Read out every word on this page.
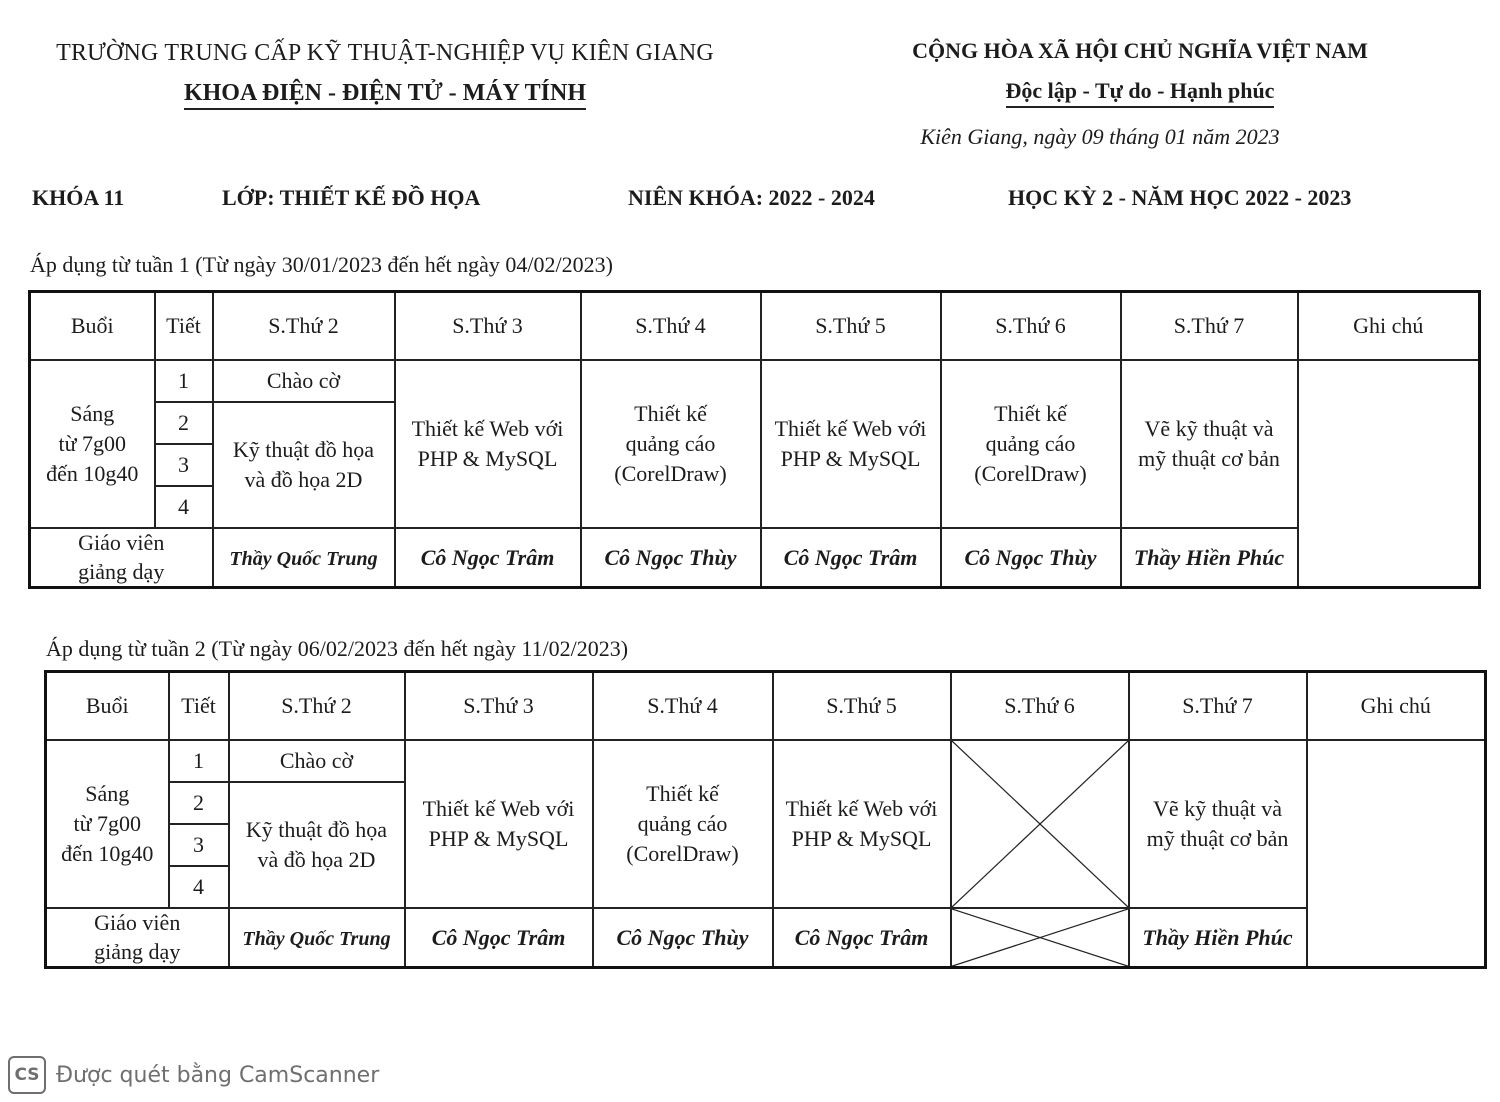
TRƯỜNG TRUNG CẤP KỸ THUẬT-NGHIỆP VỤ KIÊN GIANG
KHOA ĐIỆN - ĐIỆN TỬ - MÁY TÍNH
CỘNG HÒA XÃ HỘI CHỦ NGHĨA VIỆT NAM
Độc lập - Tự do - Hạnh phúc
Kiên Giang, ngày 09 tháng 01 năm 2023
KHÓA 11	LỚP: THIẾT KẾ ĐỒ HỌA	NIÊN KHÓA: 2022 - 2024	HỌC KỲ 2 - NĂM HỌC 2022 - 2023
Áp dụng từ tuần 1 (Từ ngày 30/01/2023 đến hết ngày 04/02/2023)
Buổi	Tiết	S.Thứ 2	S.Thứ 3	S.Thứ 4	S.Thứ 5	S.Thứ 6	S.Thứ 7	Ghi chú
Sáng
từ 7g00
đến 10g40	1	Chào cờ	Thiết kế Web với
PHP & MySQL	Thiết kế
quảng cáo
(CorelDraw)	Thiết kế Web với
PHP & MySQL	Thiết kế
quảng cáo
(CorelDraw)	Vẽ kỹ thuật và
mỹ thuật cơ bản	
	2	Kỹ thuật đồ họa
và đồ họa 2D						
	3							
	4							
Giáo viên
giảng dạy		Thầy Quốc Trung	Cô Ngọc Trâm	Cô Ngọc Thùy	Cô Ngọc Trâm	Cô Ngọc Thùy	Thầy Hiền Phúc	
Áp dụng từ tuần 2 (Từ ngày 06/02/2023 đến hết ngày 11/02/2023)
Buổi	Tiết	S.Thứ 2	S.Thứ 3	S.Thứ 4	S.Thứ 5	S.Thứ 6	S.Thứ 7	Ghi chú
Sáng
từ 7g00
đến 10g40	1	Chào cờ	Thiết kế Web với
PHP & MySQL	Thiết kế
quảng cáo
(CorelDraw)	Thiết kế Web với
PHP & MySQL		Vẽ kỹ thuật và
mỹ thuật cơ bản	
	2	Kỹ thuật đồ họa
và đồ họa 2D						
	3							
	4							
Giáo viên
giảng dạy		Thầy Quốc Trung	Cô Ngọc Trâm	Cô Ngọc Thùy	Cô Ngọc Trâm		Thầy Hiền Phúc	
CS Được quét bằng CamScanner
